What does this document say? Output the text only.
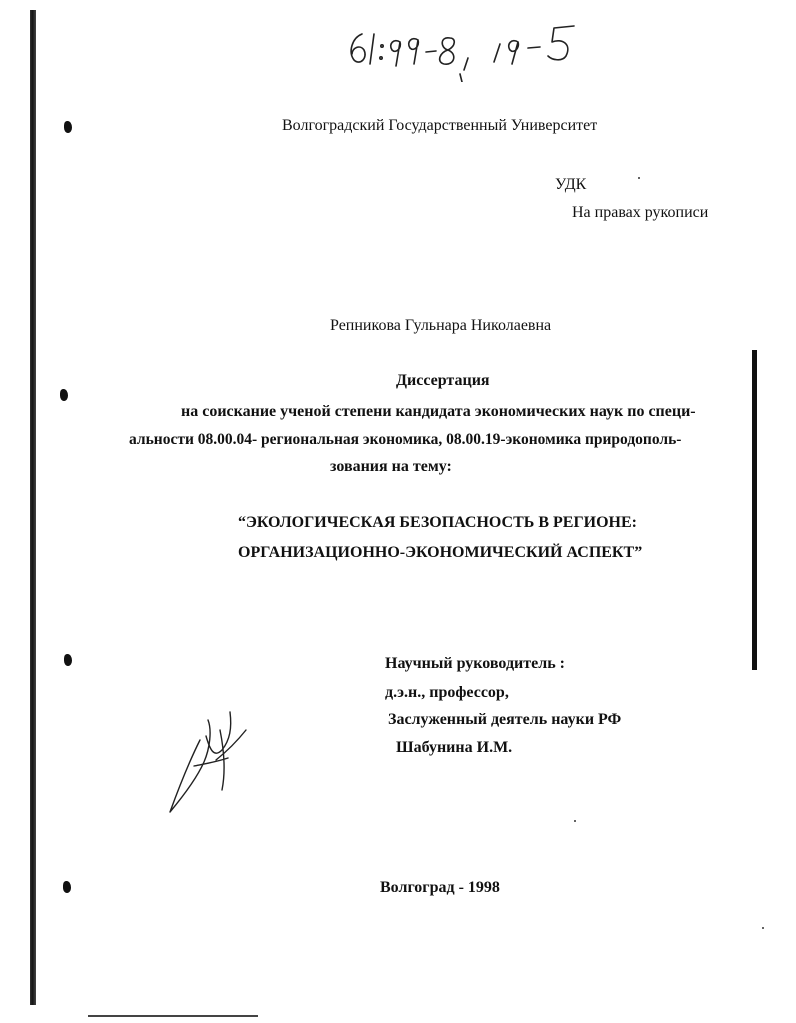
Волгоградский Государственный Университет
УДК
На правах рукописи
Репникова Гульнара Николаевна
Диссертация
на соискание ученой степени кандидата экономических наук по специ-
альности 08.00.04- региональная экономика, 08.00.19-экономика природополь-
зования на тему:
“ЭКОЛОГИЧЕСКАЯ БЕЗОПАСНОСТЬ В РЕГИОНЕ:
ОРГАНИЗАЦИОННО-ЭКОНОМИЧЕСКИЙ АСПЕКТ”
Научный руководитель :
д.э.н., профессор,
Заслуженный деятель науки РФ
Шабунина И.М.
Волгоград - 1998
